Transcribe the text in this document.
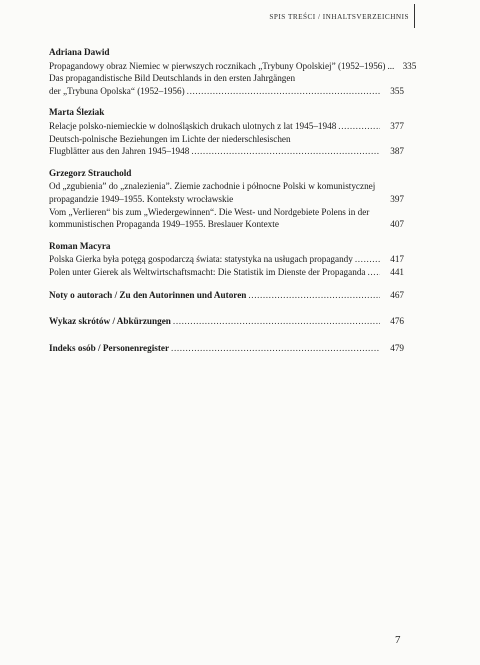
SPIS TREŚCI / INHALTSVERZEICHNIS
Adriana Dawid
Propagandowy obraz Niemiec w pierwszych rocznikach „Trybuny Opolskiej” (1952–1956) ... 335
Das propagandistische Bild Deutschlands in den ersten Jahrgängen
der „Trybuna Opolska“ (1952–1956) .....	355
Marta Śleziak
Relacje polsko-niemieckie w dolnośląskich drukach ulotnych z lat 1945–1948 .....	377
Deutsch-polnische Beziehungen im Lichte der niederschlesischen
Flugblätter aus den Jahren 1945–1948 .....	387
Grzegorz Strauchold
Od „zgubienia” do „znalezienia”. Ziemie zachodnie i północne Polski w komunistycznej
propagandzie 1949–1955. Konteksty wrocławskie	397
Vom „Verlieren“ bis zum „Wiedergewinnen“. Die West- und Nordgebiete Polens in der
kommunistischen Propaganda 1949–1955. Breslauer Kontexte	407
Roman Macyra
Polska Gierka była potęgą gospodarczą świata: statystyka na usługach propagandy .....	417
Polen unter Gierek als Weltwirtschaftsmacht: Die Statistik im Dienste der Propaganda .....	441
Noty o autorach / Zu den Autorinnen und Autoren .....	467
Wykaz skrótów / Abkürzungen .....	476
Indeks osób / Personenregister .....	479
7
